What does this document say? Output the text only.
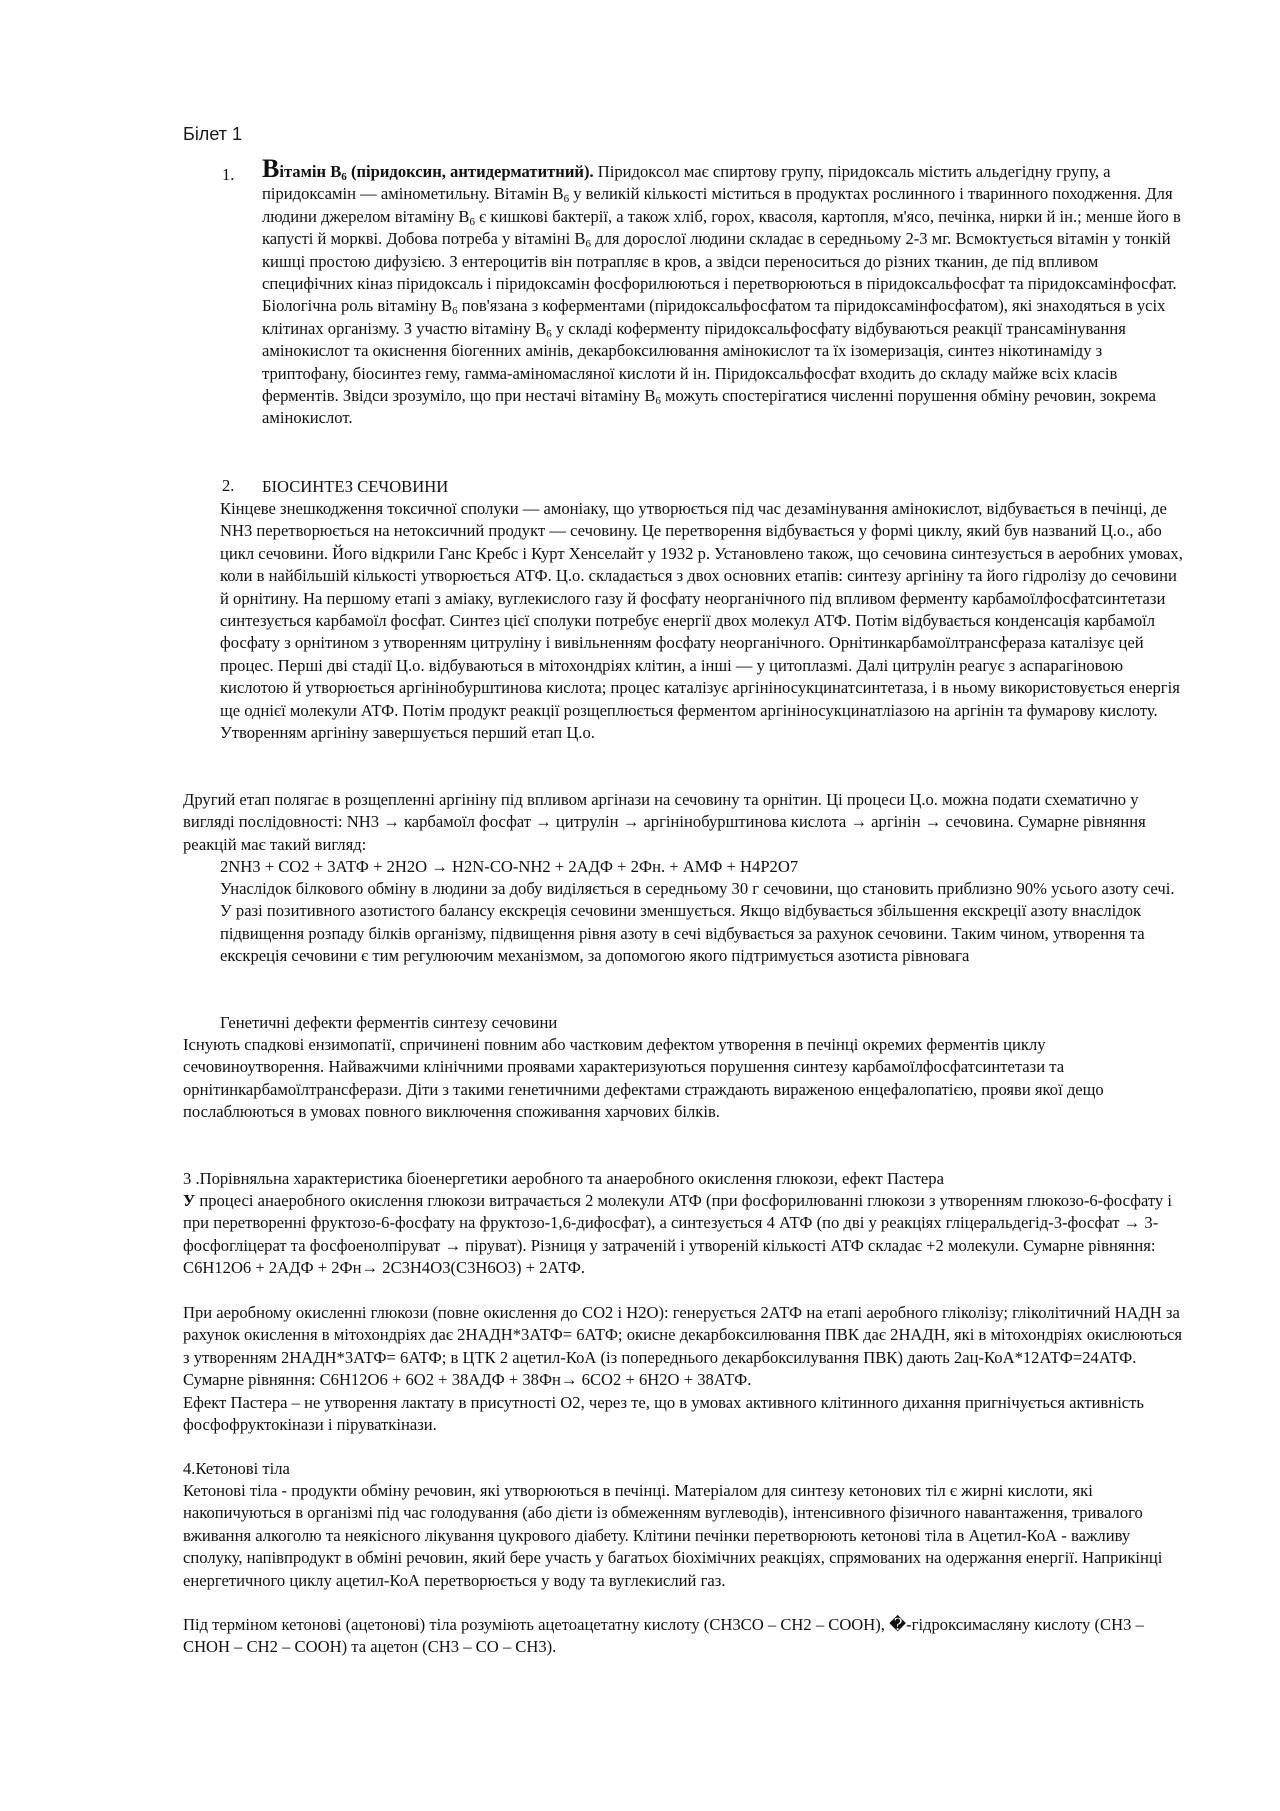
Білет 1
1. Вітамін $В_6$ (піридоксин, антидерматитний). Піридоксол має спиртову групу, піридоксаль містить альдегідну групу, а піридоксамін — амінометильну. Вітамін $В_6$ у великій кількості міститься в продуктах рослинного і тваринного походження. Для людини джерелом вітаміну $В_6$ є кишкові бактерії, а також хліб, горох, квасоля, картопля, м'ясо, печінка, нирки й ін.; менше його в капусті й моркві. Добова потреба у вітаміні $В_6$ для дорослої людини складає в середньому 2-3 мг. Всмоктується вітамін у тонкій кишці простою дифузією. З ентероцитів він потрапляє в кров, а звідси переноситься до різних тканин, де під впливом специфічних кіназ піридоксаль і піридоксамін фосфорилюються і перетворюються в піридоксальфосфат та піридоксамінфосфат. Біологічна роль вітаміну $В_6$ пов'язана з коферментами (піридоксальфосфатом та піридоксамінфосфатом), які знаходяться в усіх клітинах організму. З участю вітаміну $В_6$ у складі коферменту піридоксальфосфату відбуваються реакції трансамінування амінокислот та окиснення біогенних амінів, декарбоксилювання амінокислот та їх ізомеризація, синтез нікотинаміду з триптофану, біосинтез гему, гамма-аміномасляної кислоти й ін. Піридоксальфосфат входить до складу майже всіх класів ферментів. Звідси зрозуміло, що при нестачі вітаміну $В_6$ можуть спостерігатися численні порушення обміну речовин, зокрема амінокислот.

2. БІОСИНТЕЗ СЕЧОВИНИ
Кінцеве знешкодження токсичної сполуки — амоніаку, що утворюється під час дезамінування амінокислот, відбувається в печінці, де NH3 перетворюється на нетоксичний продукт — сечовину. Це перетворення відбувається у формі циклу, який був названий Ц.о., або цикл сечовини. Його відкрили Ганс Кребс і Курт Хенселайт у 1932 р. Установлено також, що сечовина синтезується в аеробних умовах, коли в найбільшій кількості утворюється АТФ. Ц.о. складається з двох основних етапів: синтезу аргініну та його гідролізу до сечовини й орнітину. На першому етапі з аміаку, вуглекислого газу й фосфату неорганічного під впливом ферменту карбамоїлфосфатсинтетази синтезується карбамоїл фосфат. Синтез цієї сполуки потребує енергії двох молекул АТФ. Потім відбувається конденсація карбамоїл фосфату з орнітином з утворенням цитруліну і вивільненням фосфату неорганічного. Орнітинкарбамоїлтрансфераза каталізує цей процес. Перші дві стадії Ц.о. відбуваються в мітохондріях клітин, а інші — у цитоплазмі. Далі цитрулін реагує з аспарагіновою кислотою й утворюється аргінінобурштинова кислота; процес каталізує аргініносукцинатсинтетаза, і в ньому використовується енергія ще однієї молекули АТФ. Потім продукт реакції розщеплюється ферментом аргініносукцинатліазою на аргінін та фумарову кислоту. Утворенням аргініну завершується перший етап Ц.о.
Другий етап полягає в розщепленні аргініну під впливом аргінази на сечовину та орнітин. Ці процеси Ц.о. можна подати схематично у вигляді послідовності: NH3 → карбамоїл фосфат → цитрулін → аргінінобурштинова кислота → аргінін → сечовина. Сумарне рівняння реакцій має такий вигляд:
2NH3 + CO2 + 3АТФ + 2H2O → H2N-CO-NH2 + 2АДФ + 2Фн. + АМФ + Н4Р2О7
Унаслідок білкового обміну в людини за добу виділяється в середньому 30 г сечовини, що становить приблизно 90% усього азоту сечі. У разі позитивного азотистого балансу екскреція сечовини зменшується. Якщо відбувається збільшення екскреції азоту внаслідок підвищення розпаду білків організму, підвищення рівня азоту в сечі відбувається за рахунок сечовини. Таким чином, утворення та екскреція сечовини є тим регулюючим механізмом, за допомогою якого підтримується азотиста рівновага
Генетичні дефекти ферментів синтезу сечовини
Існують спадкові ензимопатії, спричинені повним або частковим дефектом утворення в печінці окремих ферментів циклу сечовиноутворення. Найважчими клінічними проявами характеризуються порушення синтезу карбамоїлфосфатсинтетази та орнітинкарбамоїлтрансферази. Діти з такими генетичними дефектами страждають вираженою енцефалопатією, прояви якої дещо послаблюються в умовах повного виключення споживання харчових білків.
3 .Порівняльна характеристика біоенергетики аеробного та анаеробного окислення глюкози, ефект Пастера

У процесі анаеробного окислення глюкози витрачається 2 молекули АТФ (при фосфорилюванні глюкози з утворенням глюкозо-6-фосфату і при перетворенні фруктозо-6-фосфату на фруктозо-1,6-дифосфат), а синтезується 4 АТФ (по дві у реакціях гліцеральдегід-3-фосфат → 3-фосфогліцерат та фосфоенолпіруват → піруват). Різниця у затраченій і утвореній кількості АТФ складає +2 молекули. Сумарне рівняння: C6H12O6 + 2АДФ + 2Фн→ 2C3H4O3(C3H6O3) + 2АТФ.

При аеробному окисленні глюкози (повне окислення до CO2 і H2O): генерується 2АТФ на етапі аеробного гліколізу; гліколітичний НАДН за рахунок окислення в мітохондріях дає 2НАДН*3АТФ= 6АТФ; окисне декарбоксилювання ПВК дає 2НАДН, які в мітохондріях окислюються з утворенням 2НАДН*3АТФ= 6АТФ; в ЦТК 2 ацетил-КоА (із попереднього декарбоксилування ПВК) дають 2ац-КоА*12АТФ=24АТФ. Сумарне рівняння: C6H12O6 + 6O2 + 38АДФ + 38Фн→ 6CO2 + 6H2O + 38АТФ.
Ефект Пастера – не утворення лактату в присутності О2, через те, що в умовах активного клітинного дихання пригнічується активність фосфофруктокінази і піруваткінази.
4.Кетонові тіла
Кетонові тіла - продукти обміну речовин, які утворюються в печінці. Матеріалом для синтезу кетонових тіл є жирні кислоти, які накопичуються в організмі під час голодування (або дієти із обмеженням вуглеводів), інтенсивного фізичного навантаження, тривалого вживання алкоголю та неякісного лікування цукрового діабету. Клітини печінки перетворюють кетонові тіла в Ацетил-КоА - важливу сполуку, напівпродукт в обміні речовин, який бере участь у багатьох біохімічних реакціях, спрямованих на одержання енергії. Наприкінці енергетичного циклу ацетил-КоА перетворюється у воду та вуглекислий газ.
Під терміном кетонові (ацетонові) тіла розуміють ацетоацетатну кислоту (CH3CO – CH2 – COOH), �-гідроксимасляну кислоту (CH3 – CHOH – CH2 – COOH) та ацетон (CH3 – CO – CH3).
